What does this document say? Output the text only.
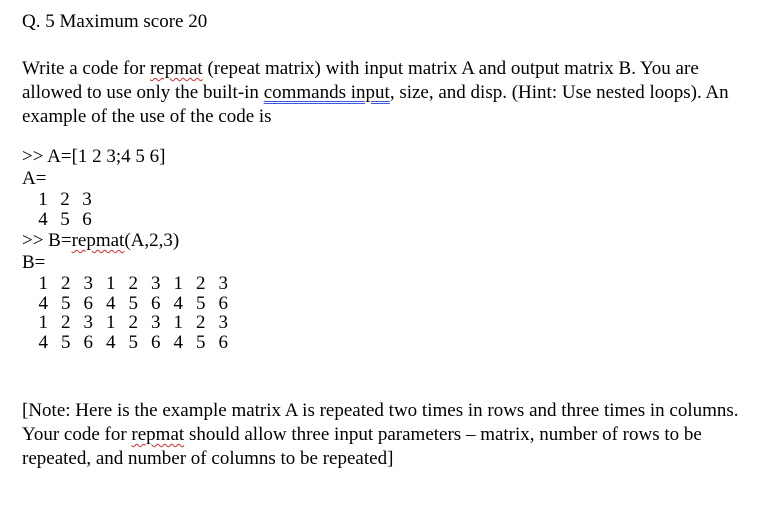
Q. 5 Maximum score 20

Write a code for repmat (repeat matrix) with input matrix A and output matrix B. You are

allowed to use only the built-in commands input, size, and disp. (Hint: Use nested loops). An

example of the use of the code is

>> A=[1 2 3;4 5 6]

A=

1	2	3
4	5	6

>> B=repmat(A,2,3)

B=

1	2	3	1	2	3	1	2	3
4	5	6	4	5	6	4	5	6
1	2	3	1	2	3	1	2	3
4	5	6	4	5	6	4	5	6

[Note: Here is the example matrix A is repeated two times in rows and three times in columns.

Your code for repmat should allow three input parameters – matrix, number of rows to be

repeated, and number of columns to be repeated]
